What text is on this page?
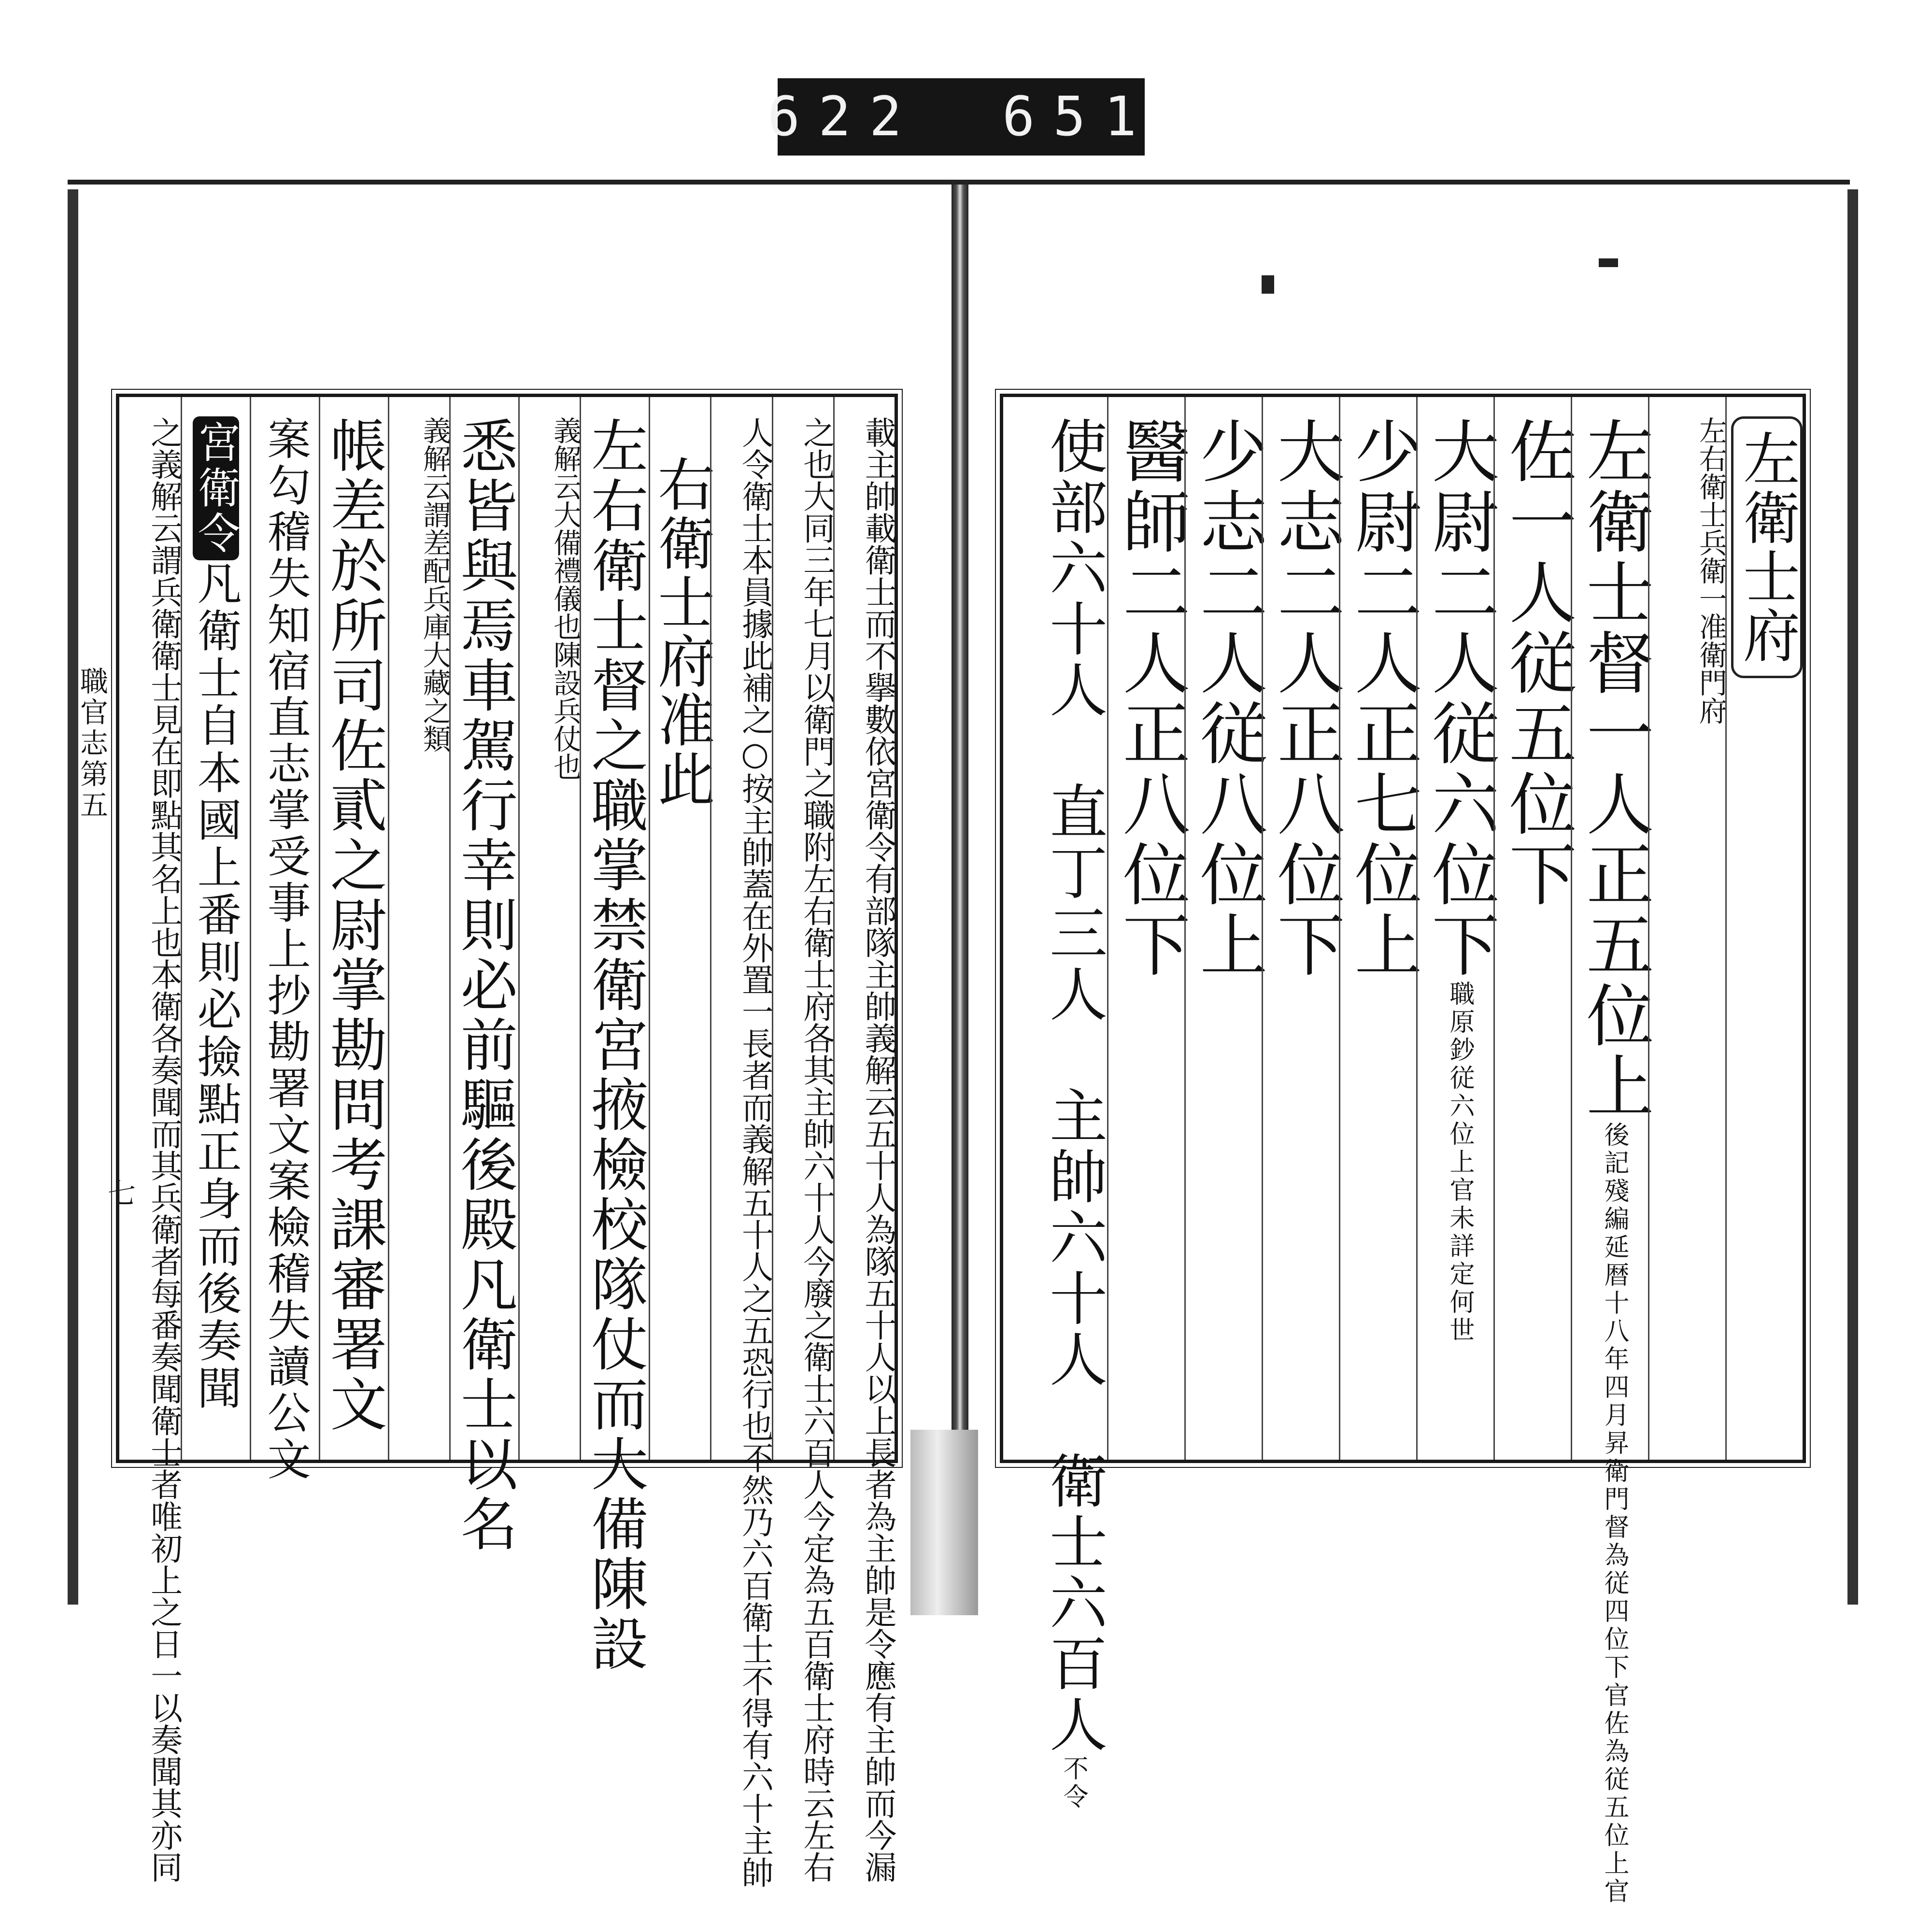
622 651
職官志第五
七
左衛士府
左右衛士兵衛一准衛門府
左衛士督一人正五位上後記殘編延暦十八年四月昇衛門督為従四位下官佐為従五位上官
佐一人従五位下
大尉二人従六位下職原鈔従六位上官未詳定何世
少尉二人正七位上
大志二人正八位下
少志二人従八位上
醫師二人正八位下
使部六十人　直丁三人　主帥六十人　衛士六百人不令
載主帥載衛士而不擧數依宮衛令有部隊主帥義解云五十人為隊五十人以上長者為主帥是令應有主帥而今漏
之也大同三年七月以衛門之職附左右衛士府各其主帥六十人今廢之衛士六百人今定為五百衛士府時云左右
人令衛士本員據此補之○按主帥蓋在外置一長者而義解五十人之五恐行也不然乃六百衛士不得有六十主帥
右衛士府准此
左右衛士督之職掌禁衛宮掖檢校隊仗而大備陳設
義解云大備禮儀也陳設兵仗也
悉皆與焉車駕行幸則必前驅後殿凡衛士以名
義解云謂差配兵庫大藏之類
帳差於所司佐貳之尉掌勘問考課審署文
案勾稽失知宿直志掌受事上抄勘署文案檢稽失讀公文
宮衛令凡衛士自本國上番則必撿點正身而後奏聞
之義解云謂兵衛衛士見在即點其名上也本衛各奏聞而其兵衛者每番奏聞衛士者唯初上之日一以奏聞其亦同
